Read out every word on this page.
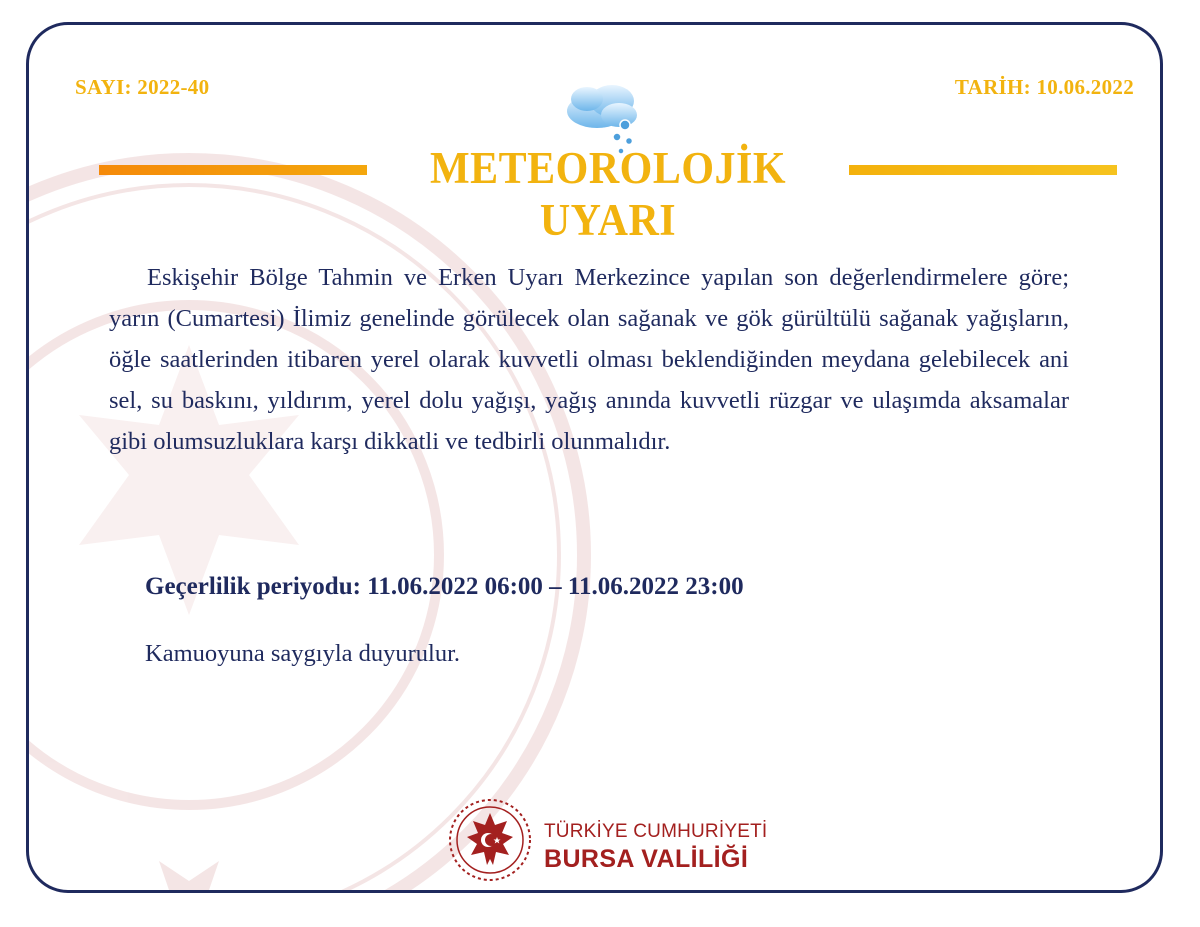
SAYI: 2022-40	TARİH: 10.06.2022
METEOROLOJİK UYARI

Eskişehir Bölge Tahmin ve Erken Uyarı Merkezince yapılan son değerlendirmelere göre; yarın (Cumartesi) İlimiz genelinde görülecek olan sağanak ve gök gürültülü sağanak yağışların, öğle saatlerinden itibaren yerel olarak kuvvetli olması beklendiğinden meydana gelebilecek ani sel, su baskını, yıldırım, yerel dolu yağışı, yağış anında kuvvetli rüzgar ve ulaşımda aksamalar gibi olumsuzluklara karşı dikkatli ve tedbirli olunmalıdır.

Geçerlilik periyodu: 11.06.2022 06:00 – 11.06.2022 23:00
Kamuoyuna saygıyla duyurulur.
TÜRKİYE CUMHURİYETİ
BURSA VALİLİĞİ
